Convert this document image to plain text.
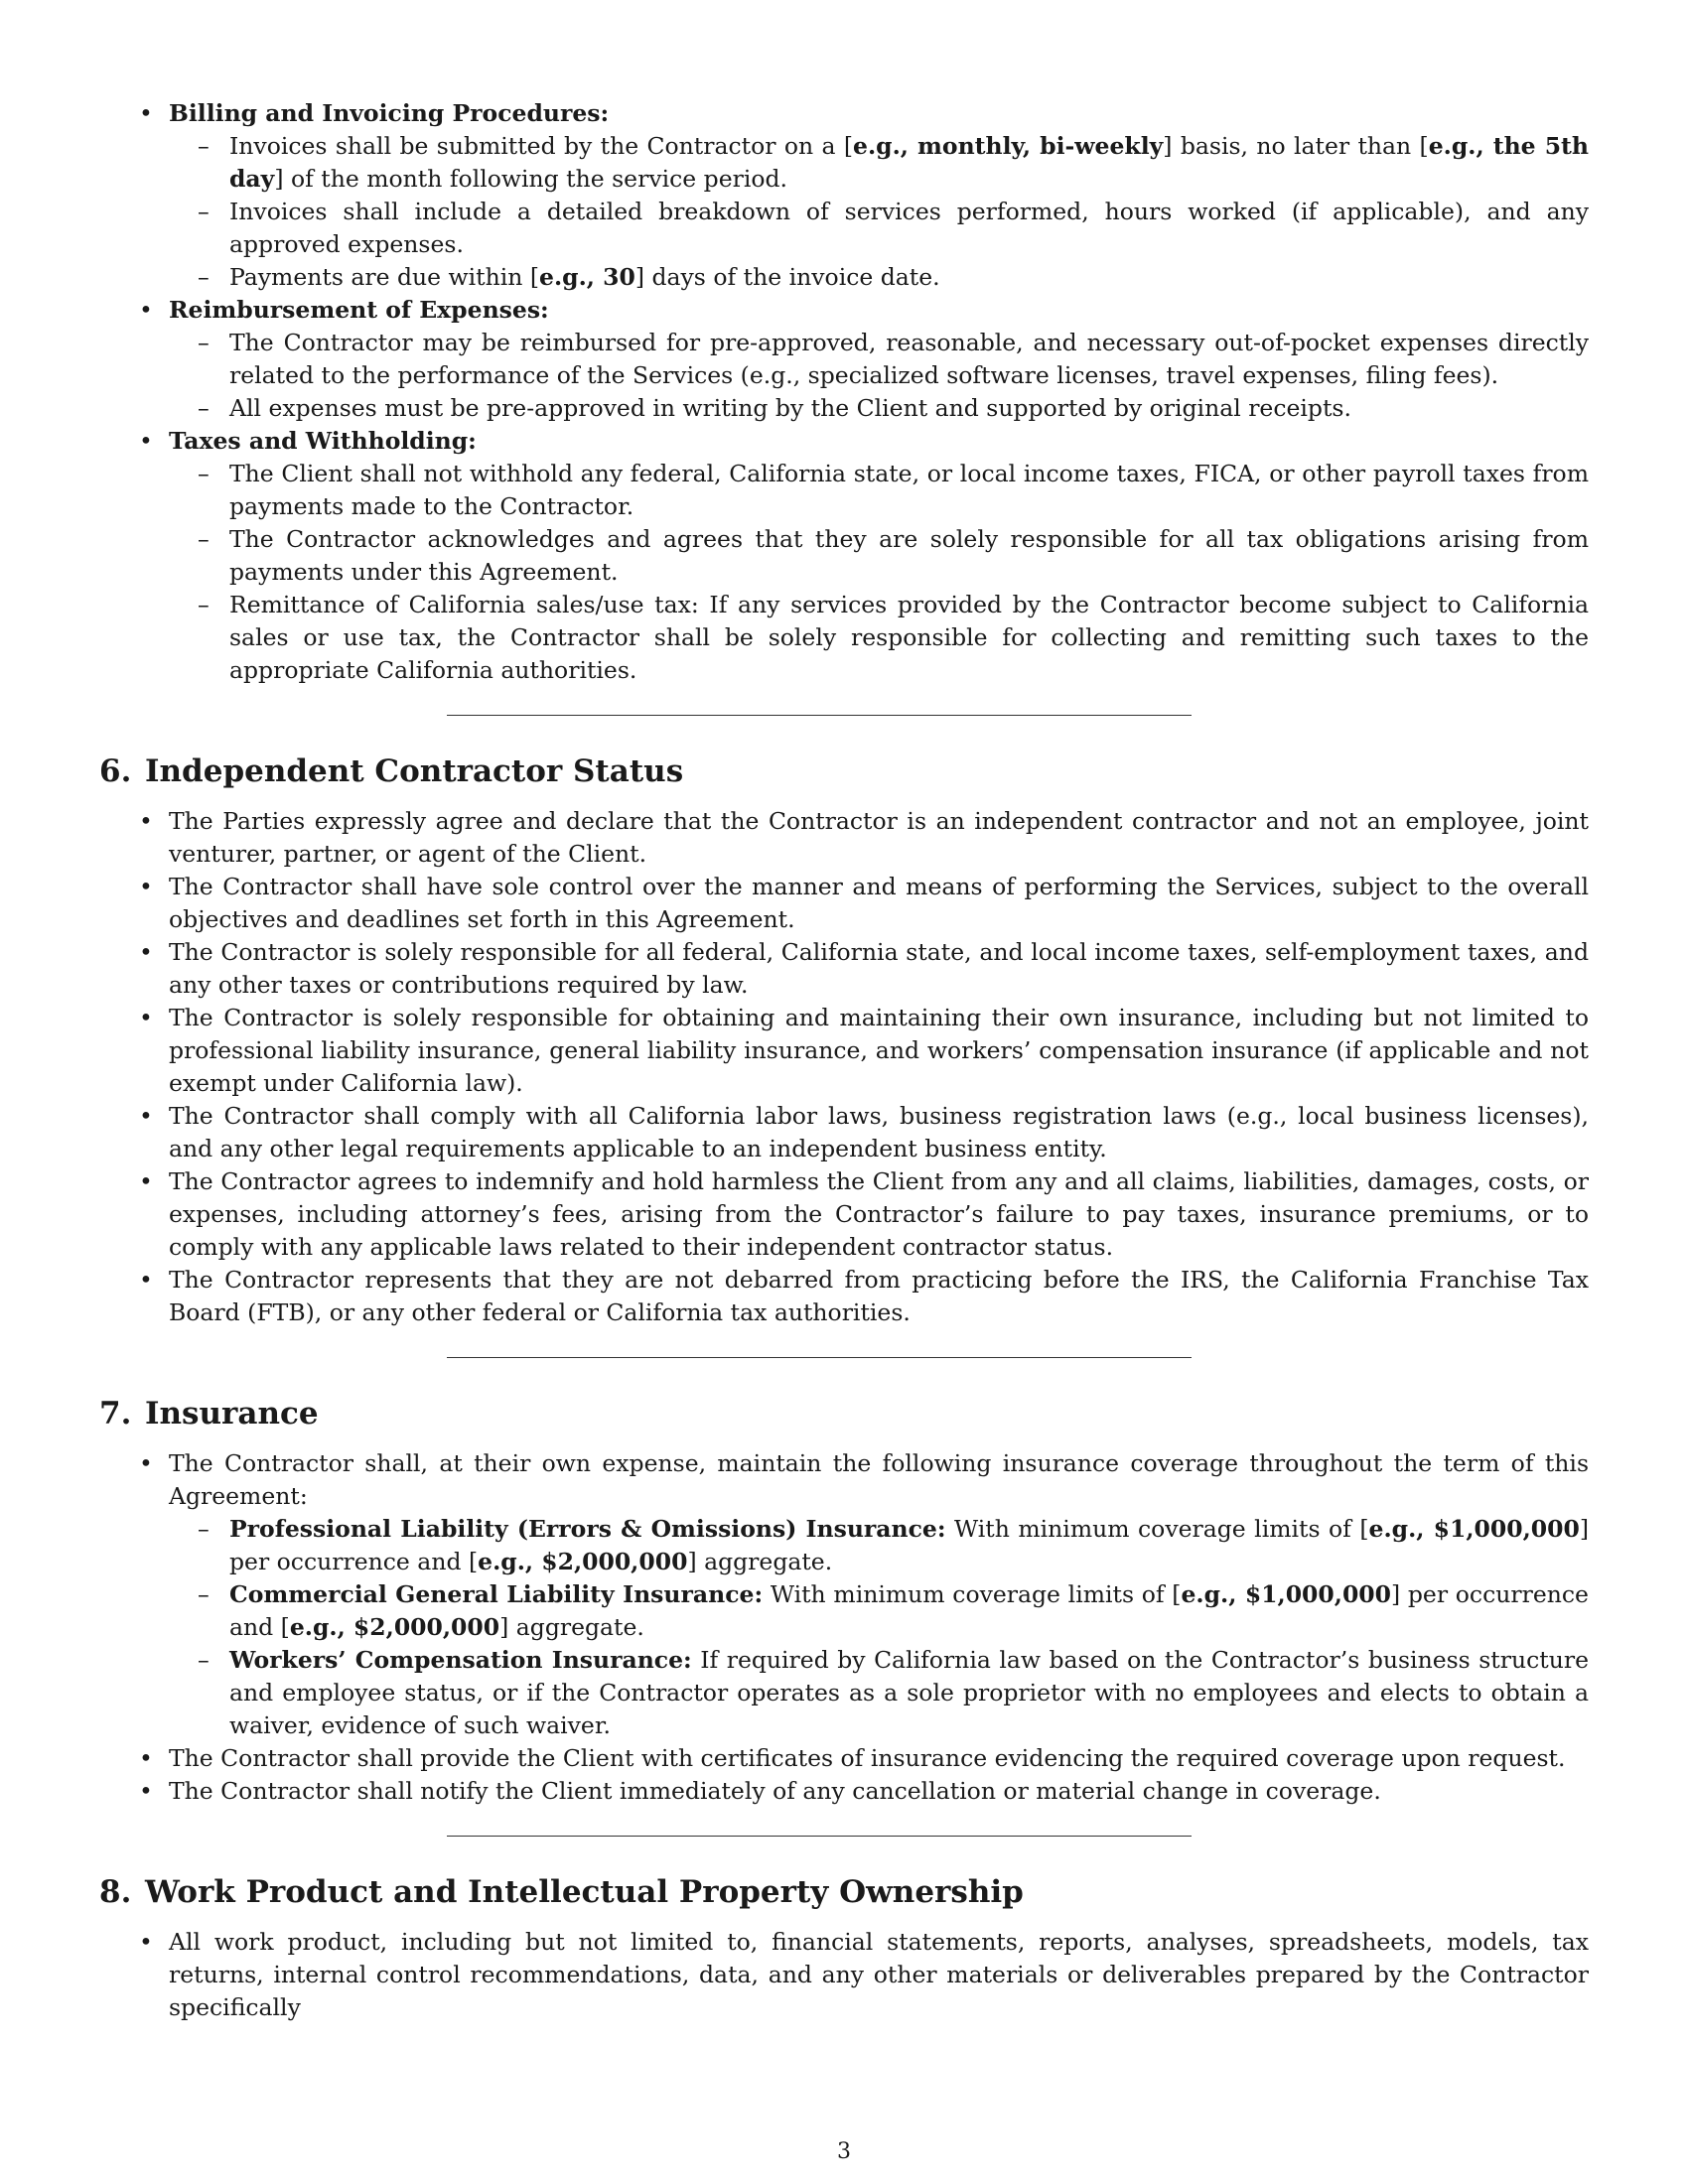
• Billing and Invoicing Procedures:
– Invoices shall be submitted by the Contractor on a [e.g., monthly, bi-weekly] basis, no later than [e.g., the 5th day] of the month following the service period.
– Invoices shall include a detailed breakdown of services performed, hours worked (if applicable), and any approved expenses.
– Payments are due within [e.g., 30] days of the invoice date.
• Reimbursement of Expenses:
– The Contractor may be reimbursed for pre-approved, reasonable, and necessary out-of-pocket expenses directly related to the performance of the Services (e.g., specialized software licenses, travel expenses, filing fees).
– All expenses must be pre-approved in writing by the Client and supported by original receipts.
• Taxes and Withholding:
– The Client shall not withhold any federal, California state, or local income taxes, FICA, or other payroll taxes from payments made to the Contractor.
– The Contractor acknowledges and agrees that they are solely responsible for all tax obligations arising from payments under this Agreement.
– Remittance of California sales/use tax: If any services provided by the Contractor become subject to California sales or use tax, the Contractor shall be solely responsible for collecting and remitting such taxes to the appropriate California authorities.
6. Independent Contractor Status
• The Parties expressly agree and declare that the Contractor is an independent contractor and not an employee, joint venturer, partner, or agent of the Client.
• The Contractor shall have sole control over the manner and means of performing the Services, subject to the overall objectives and deadlines set forth in this Agreement.
• The Contractor is solely responsible for all federal, California state, and local income taxes, self-employment taxes, and any other taxes or contributions required by law.
• The Contractor is solely responsible for obtaining and maintaining their own insurance, including but not limited to professional liability insurance, general liability insurance, and workers’ compensation insurance (if applicable and not exempt under California law).
• The Contractor shall comply with all California labor laws, business registration laws (e.g., local business licenses), and any other legal requirements applicable to an independent business entity.
• The Contractor agrees to indemnify and hold harmless the Client from any and all claims, liabilities, damages, costs, or expenses, including attorney’s fees, arising from the Contractor’s failure to pay taxes, insurance premiums, or to comply with any applicable laws related to their independent contractor status.
• The Contractor represents that they are not debarred from practicing before the IRS, the California Franchise Tax Board (FTB), or any other federal or California tax authorities.
7. Insurance
• The Contractor shall, at their own expense, maintain the following insurance coverage throughout the term of this Agreement:
– Professional Liability (Errors & Omissions) Insurance: With minimum coverage limits of [e.g., $1,000,000] per occurrence and [e.g., $2,000,000] aggregate.
– Commercial General Liability Insurance: With minimum coverage limits of [e.g., $1,000,000] per occurrence and [e.g., $2,000,000] aggregate.
– Workers’ Compensation Insurance: If required by California law based on the Contractor’s business structure and employee status, or if the Contractor operates as a sole proprietor with no employees and elects to obtain a waiver, evidence of such waiver.
• The Contractor shall provide the Client with certificates of insurance evidencing the required coverage upon request.
• The Contractor shall notify the Client immediately of any cancellation or material change in coverage.
8. Work Product and Intellectual Property Ownership
• All work product, including but not limited to, financial statements, reports, analyses, spreadsheets, models, tax returns, internal control recommendations, data, and any other materials or deliverables prepared by the Contractor specifically
3
